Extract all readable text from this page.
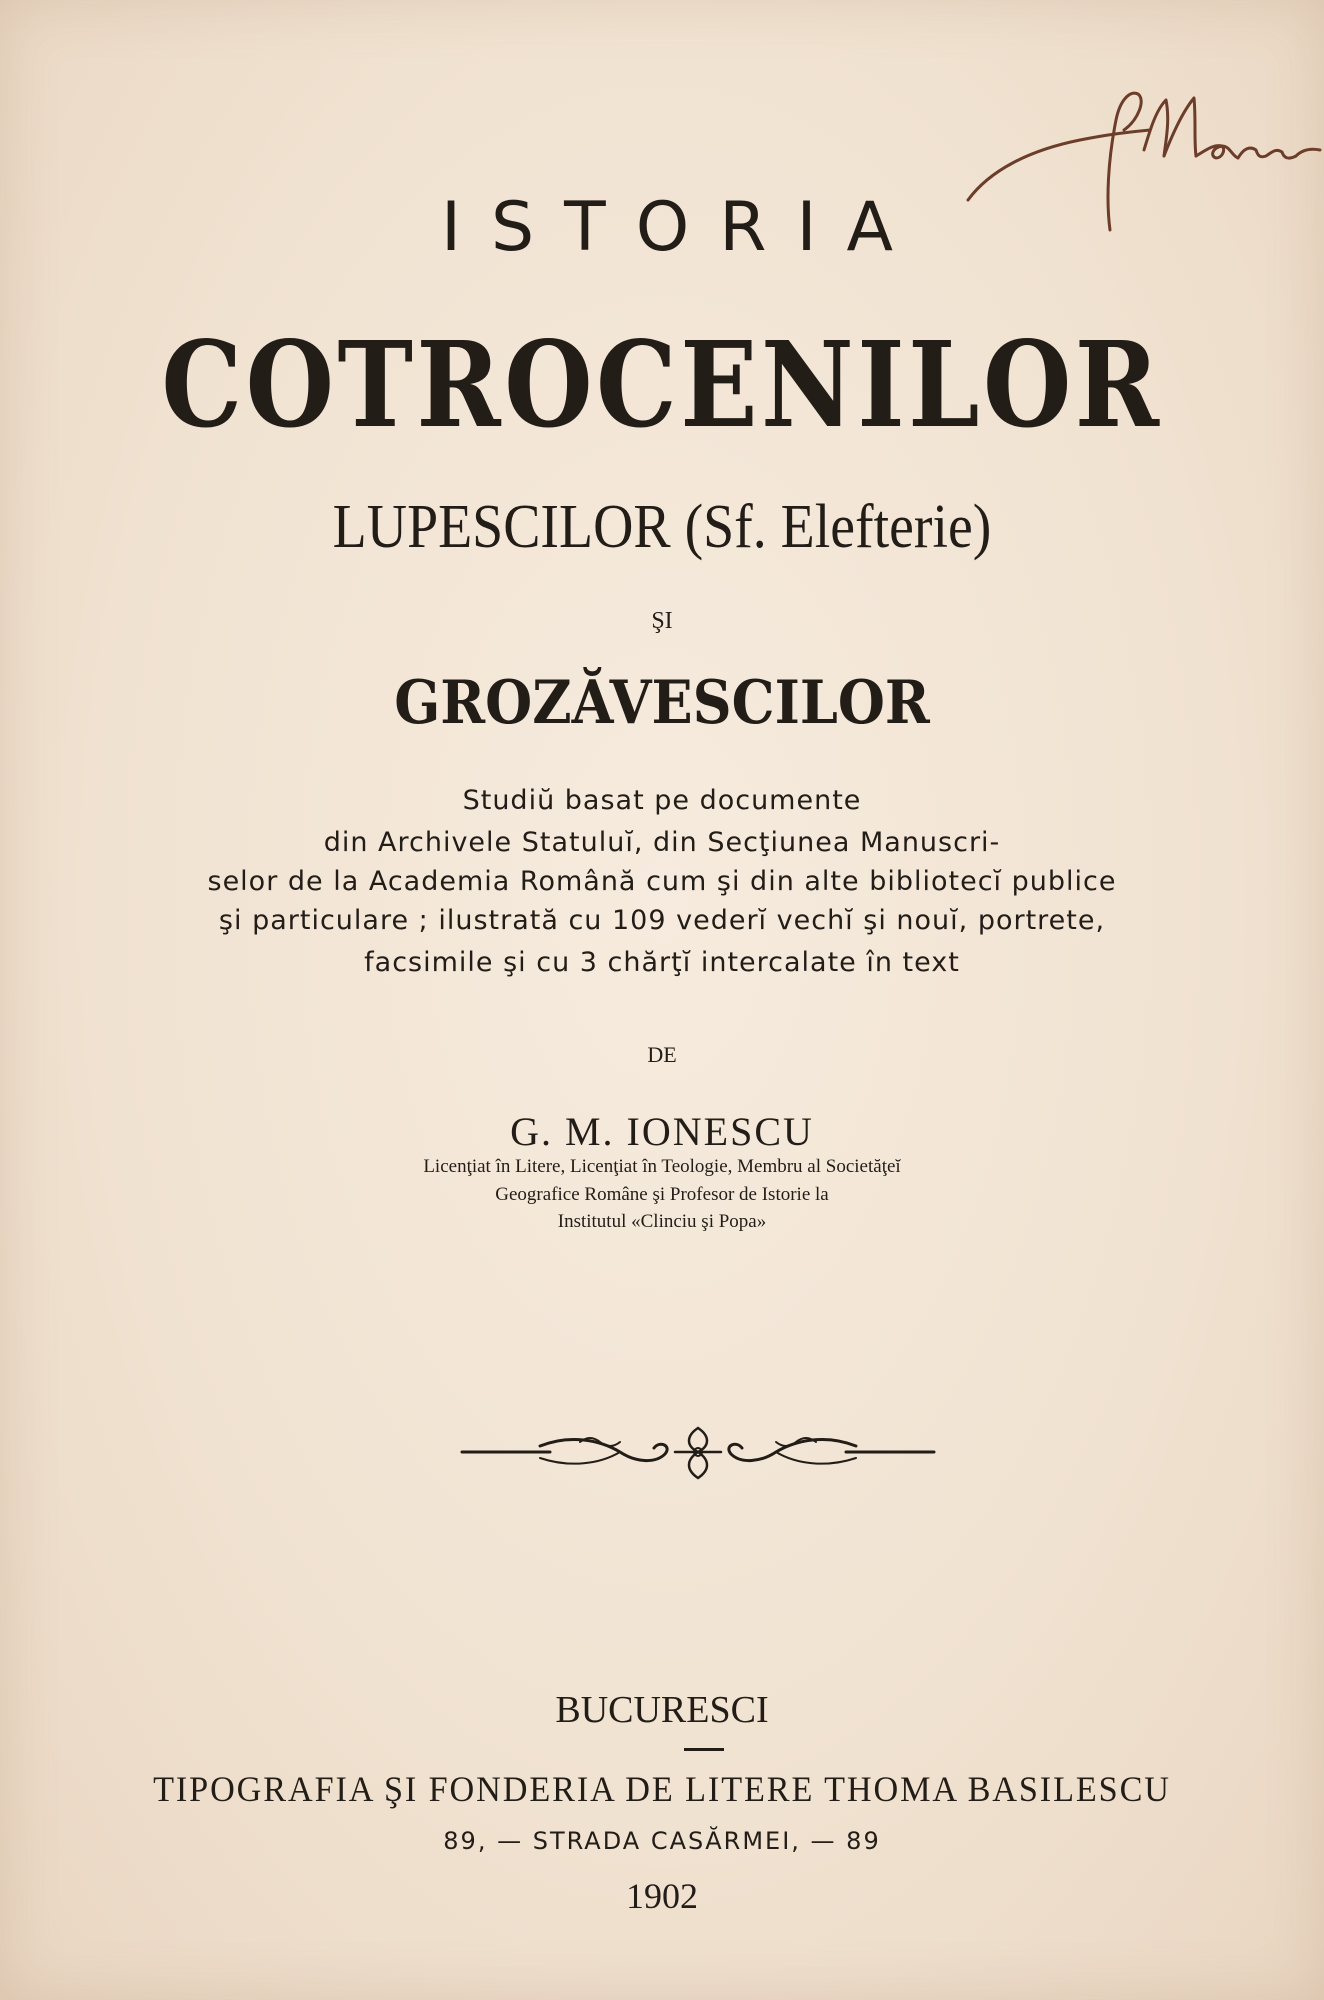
ISTORIA
COTROCENILOR
LUPESCILOR (Sf. Elefterie)
ŞI
GROZĂVESCILOR
Studiŭ basat pe documente
din Archivele Statuluĭ, din Secţiunea Manuscri-
selor de la Academia Română cum şi din alte bibliotecĭ publice
şi particulare ; ilustrată cu 109 vederĭ vechĭ şi nouĭ, portrete,
facsimile şi cu 3 chărţĭ intercalate în text
DE
G. M. IONESCU
Licenţiat în Litere, Licenţiat în Teologie, Membru al Societăţeĭ
Geografice Române şi Profesor de Istorie la
Institutul «Clinciu şi Popa»
BUCURESCI
TIPOGRAFIA ŞI FONDERIA DE LITERE THOMA BASILESCU
89, — STRADA CASĂRMEI, — 89
1902
